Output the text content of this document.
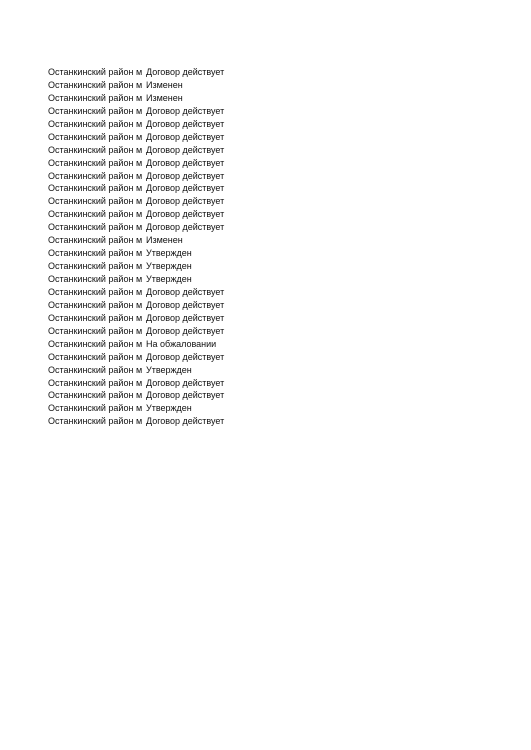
Останкинский район м Договор действует
Останкинский район м Изменен
Останкинский район м Изменен
Останкинский район м Договор действует
Останкинский район м Договор действует
Останкинский район м Договор действует
Останкинский район м Договор действует
Останкинский район м Договор действует
Останкинский район м Договор действует
Останкинский район м Договор действует
Останкинский район м Договор действует
Останкинский район м Договор действует
Останкинский район м Договор действует
Останкинский район м Изменен
Останкинский район м Утвержден
Останкинский район м Утвержден
Останкинский район м Утвержден
Останкинский район м Договор действует
Останкинский район м Договор действует
Останкинский район м Договор действует
Останкинский район м Договор действует
Останкинский район м На обжаловании
Останкинский район м Договор действует
Останкинский район м Утвержден
Останкинский район м Договор действует
Останкинский район м Договор действует
Останкинский район м Утвержден
Останкинский район м Договор действует
